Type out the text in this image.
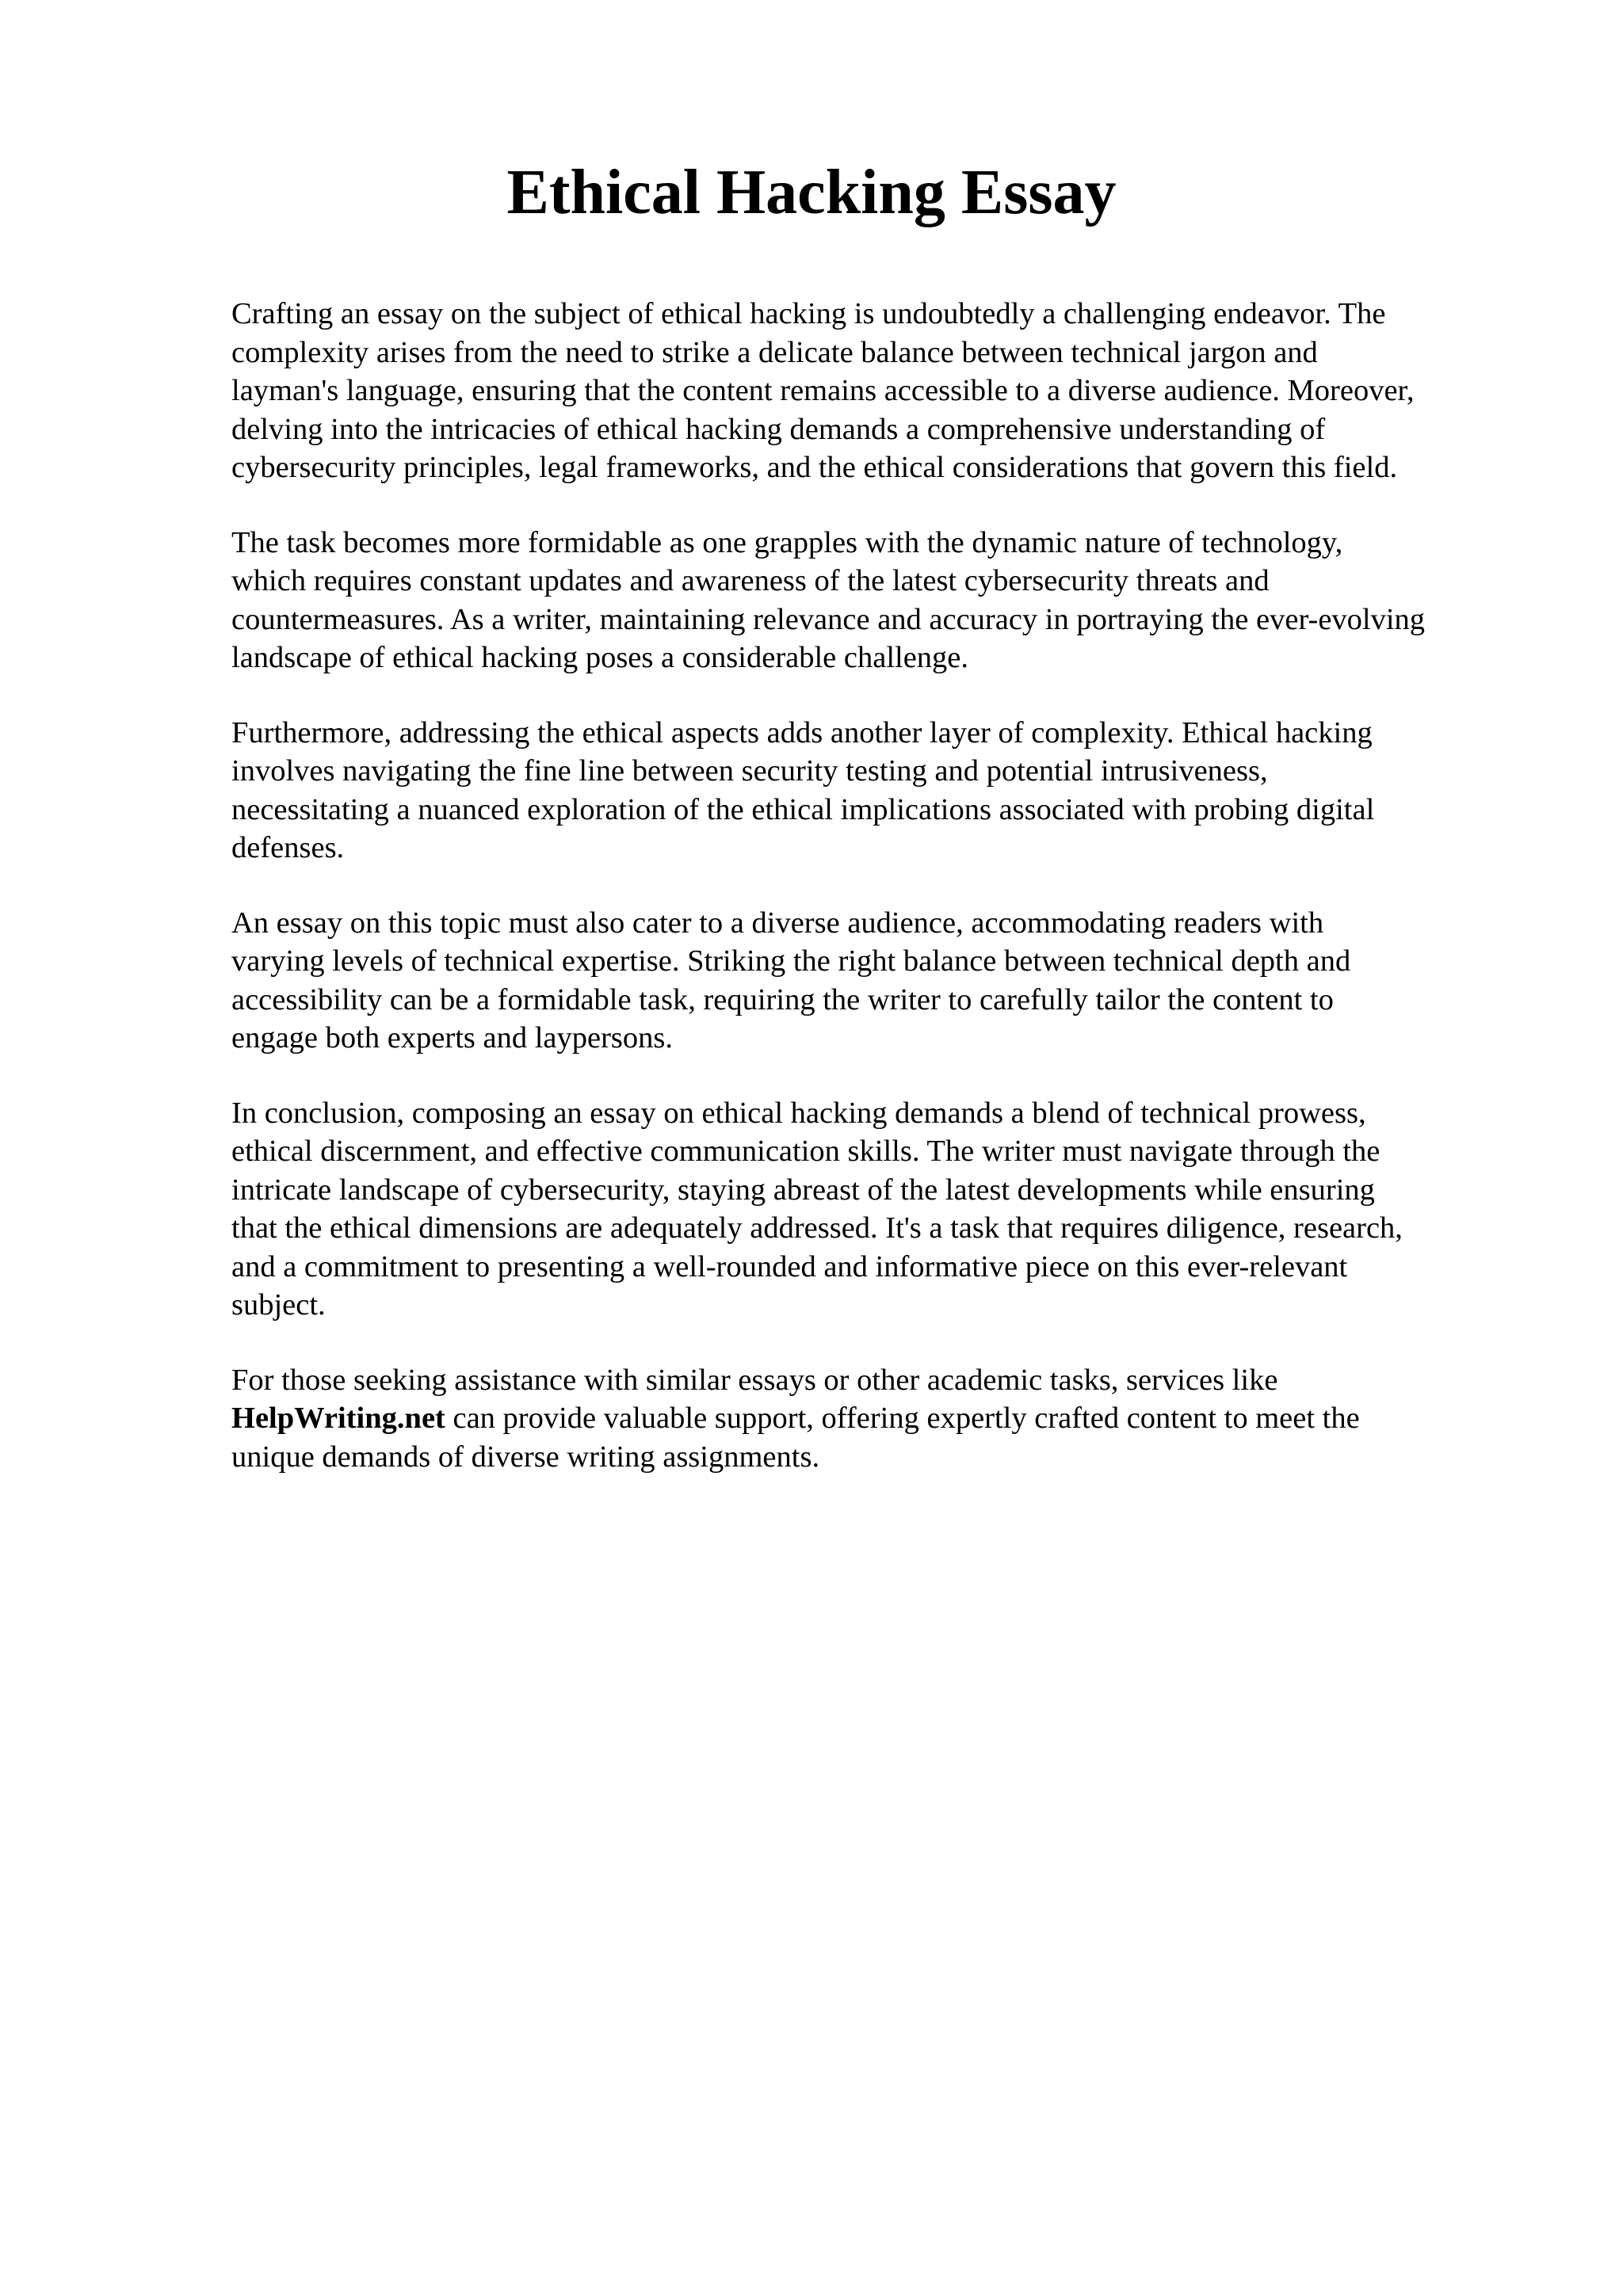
Ethical Hacking Essay

Crafting an essay on the subject of ethical hacking is undoubtedly a challenging endeavor. The
complexity arises from the need to strike a delicate balance between technical jargon and
layman's language, ensuring that the content remains accessible to a diverse audience. Moreover,
delving into the intricacies of ethical hacking demands a comprehensive understanding of
cybersecurity principles, legal frameworks, and the ethical considerations that govern this field.

The task becomes more formidable as one grapples with the dynamic nature of technology,
which requires constant updates and awareness of the latest cybersecurity threats and
countermeasures. As a writer, maintaining relevance and accuracy in portraying the ever-evolving
landscape of ethical hacking poses a considerable challenge.

Furthermore, addressing the ethical aspects adds another layer of complexity. Ethical hacking
involves navigating the fine line between security testing and potential intrusiveness,
necessitating a nuanced exploration of the ethical implications associated with probing digital
defenses.

An essay on this topic must also cater to a diverse audience, accommodating readers with
varying levels of technical expertise. Striking the right balance between technical depth and
accessibility can be a formidable task, requiring the writer to carefully tailor the content to
engage both experts and laypersons.

In conclusion, composing an essay on ethical hacking demands a blend of technical prowess,
ethical discernment, and effective communication skills. The writer must navigate through the
intricate landscape of cybersecurity, staying abreast of the latest developments while ensuring
that the ethical dimensions are adequately addressed. It's a task that requires diligence, research,
and a commitment to presenting a well-rounded and informative piece on this ever-relevant
subject.

For those seeking assistance with similar essays or other academic tasks, services like
HelpWriting.net can provide valuable support, offering expertly crafted content to meet the
unique demands of diverse writing assignments.
